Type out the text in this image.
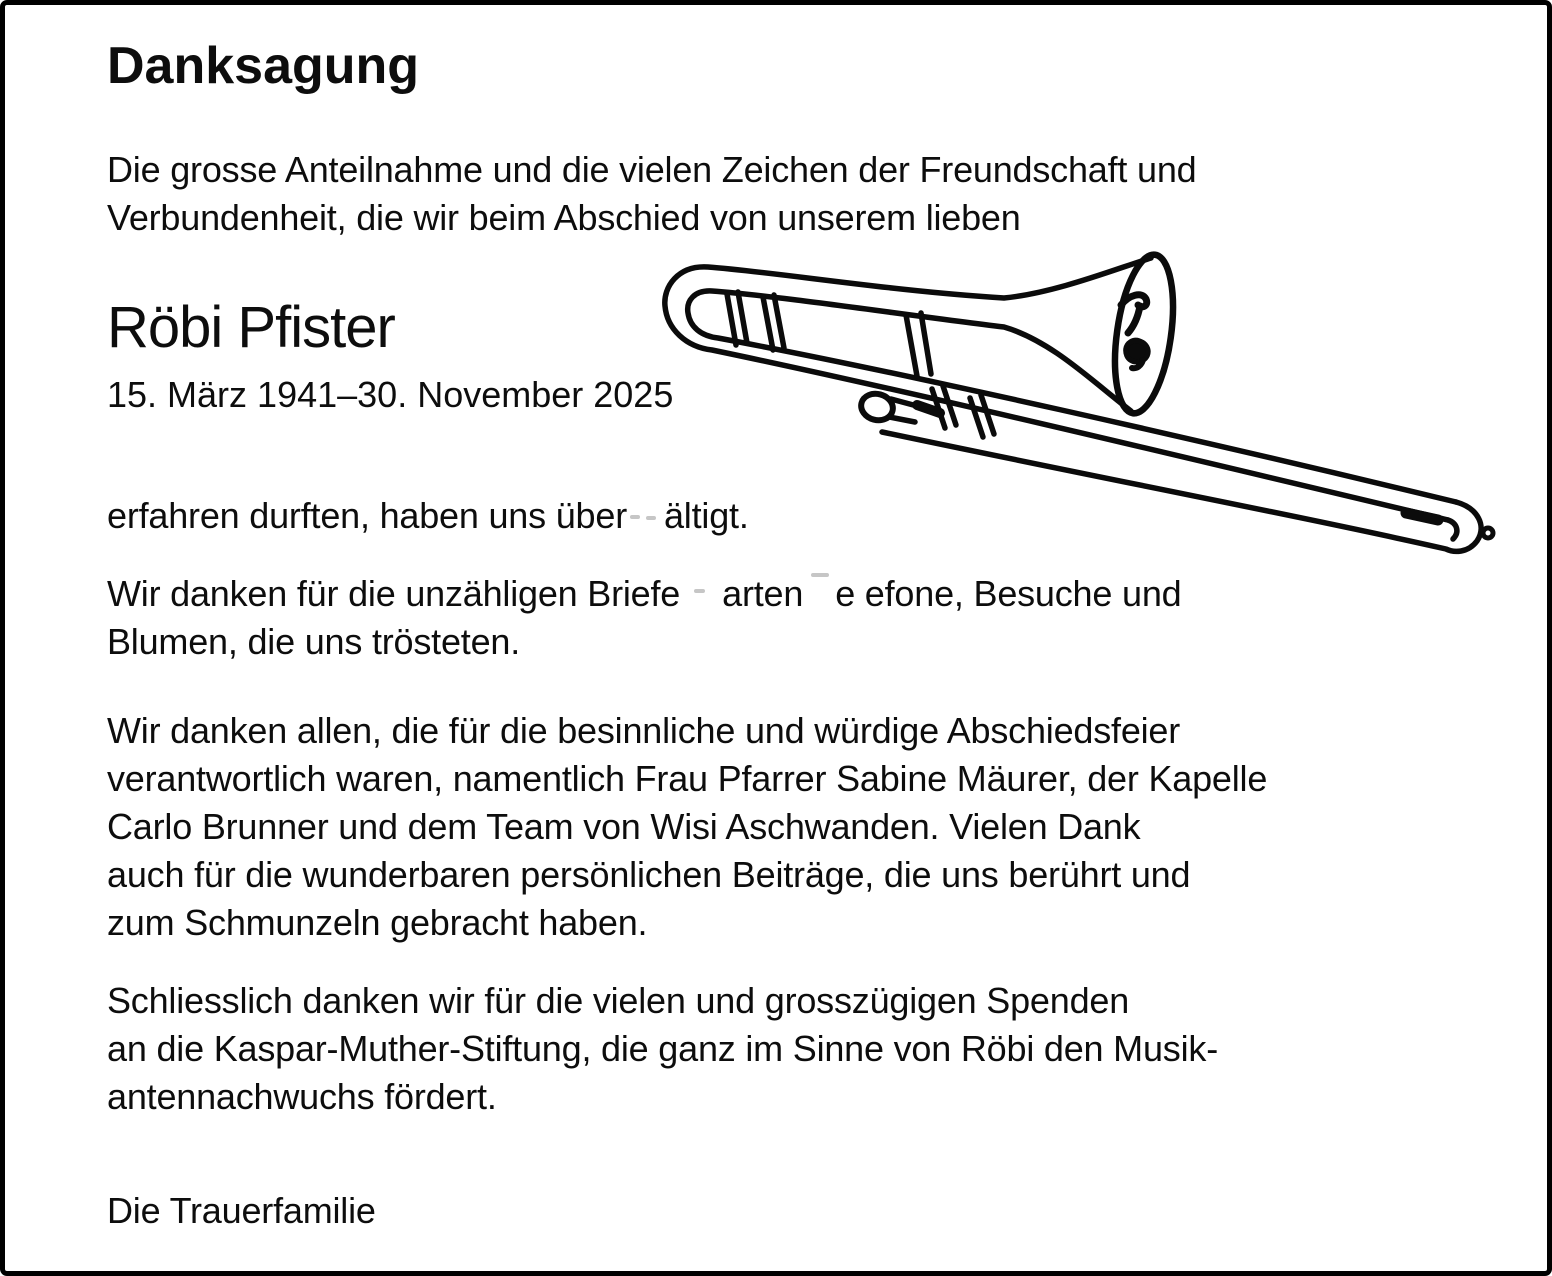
Danksagung
Die grosse Anteilnahme und die vielen Zeichen der Freundschaft und
Verbundenheit, die wir beim Abschied von unserem lieben
Röbi Pfister
15. März 1941–30. November 2025
erfahren durften, haben uns über ältigt.
Wir danken für die unzähligen Briefe arten e efone, Besuche und
Blumen, die uns trösteten.
Wir danken allen, die für die besinnliche und würdige Abschiedsfeier
verantwortlich waren, namentlich Frau Pfarrer Sabine Mäurer, der Kapelle
Carlo Brunner und dem Team von Wisi Aschwanden. Vielen Dank
auch für die wunderbaren persönlichen Beiträge, die uns berührt und
zum Schmunzeln gebracht haben.
Schliesslich danken wir für die vielen und grosszügigen Spenden
an die Kaspar-Muther-Stiftung, die ganz im Sinne von Röbi den Musik-
antennachwuchs fördert.
Die Trauerfamilie
